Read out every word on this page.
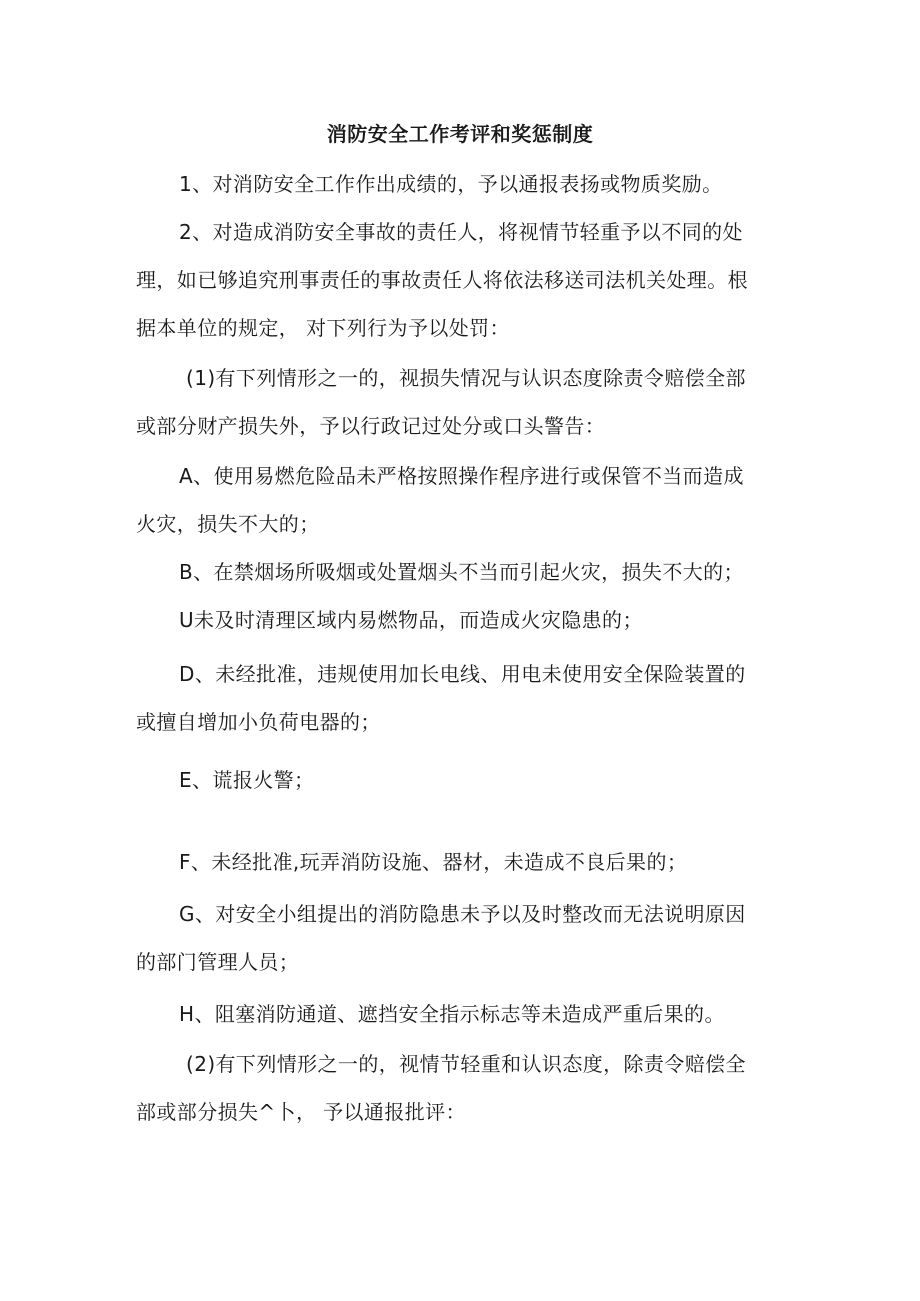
消防安全工作考评和奖惩制度

1、对消防安全工作作出成绩的，予以通报表扬或物质奖励。

2、对造成消防安全事故的责任人，将视情节轻重予以不同的处

理，如已够追究刑事责任的事故责任人将依法移送司法机关处理。根

据本单位的规定， 对下列行为予以处罚：

(1)有下列情形之一的，视损失情况与认识态度除责令赔偿全部

或部分财产损失外，予以行政记过处分或口头警告：

A、使用易燃危险品未严格按照操作程序进行或保管不当而造成

火灾，损失不大的；

B、在禁烟场所吸烟或处置烟头不当而引起火灾，损失不大的；

U未及时清理区域内易燃物品，而造成火灾隐患的；

D、未经批准，违规使用加长电线、用电未使用安全保险装置的

或擅自增加小负荷电器的；

E、谎报火警；

F、未经批准,玩弄消防设施、器材，未造成不良后果的；

G、对安全小组提出的消防隐患未予以及时整改而无法说明原因

的部门管理人员；

H、阻塞消防通道、遮挡安全指示标志等未造成严重后果的。

(2)有下列情形之一的，视情节轻重和认识态度，除责令赔偿全

部或部分损失^卜， 予以通报批评：
